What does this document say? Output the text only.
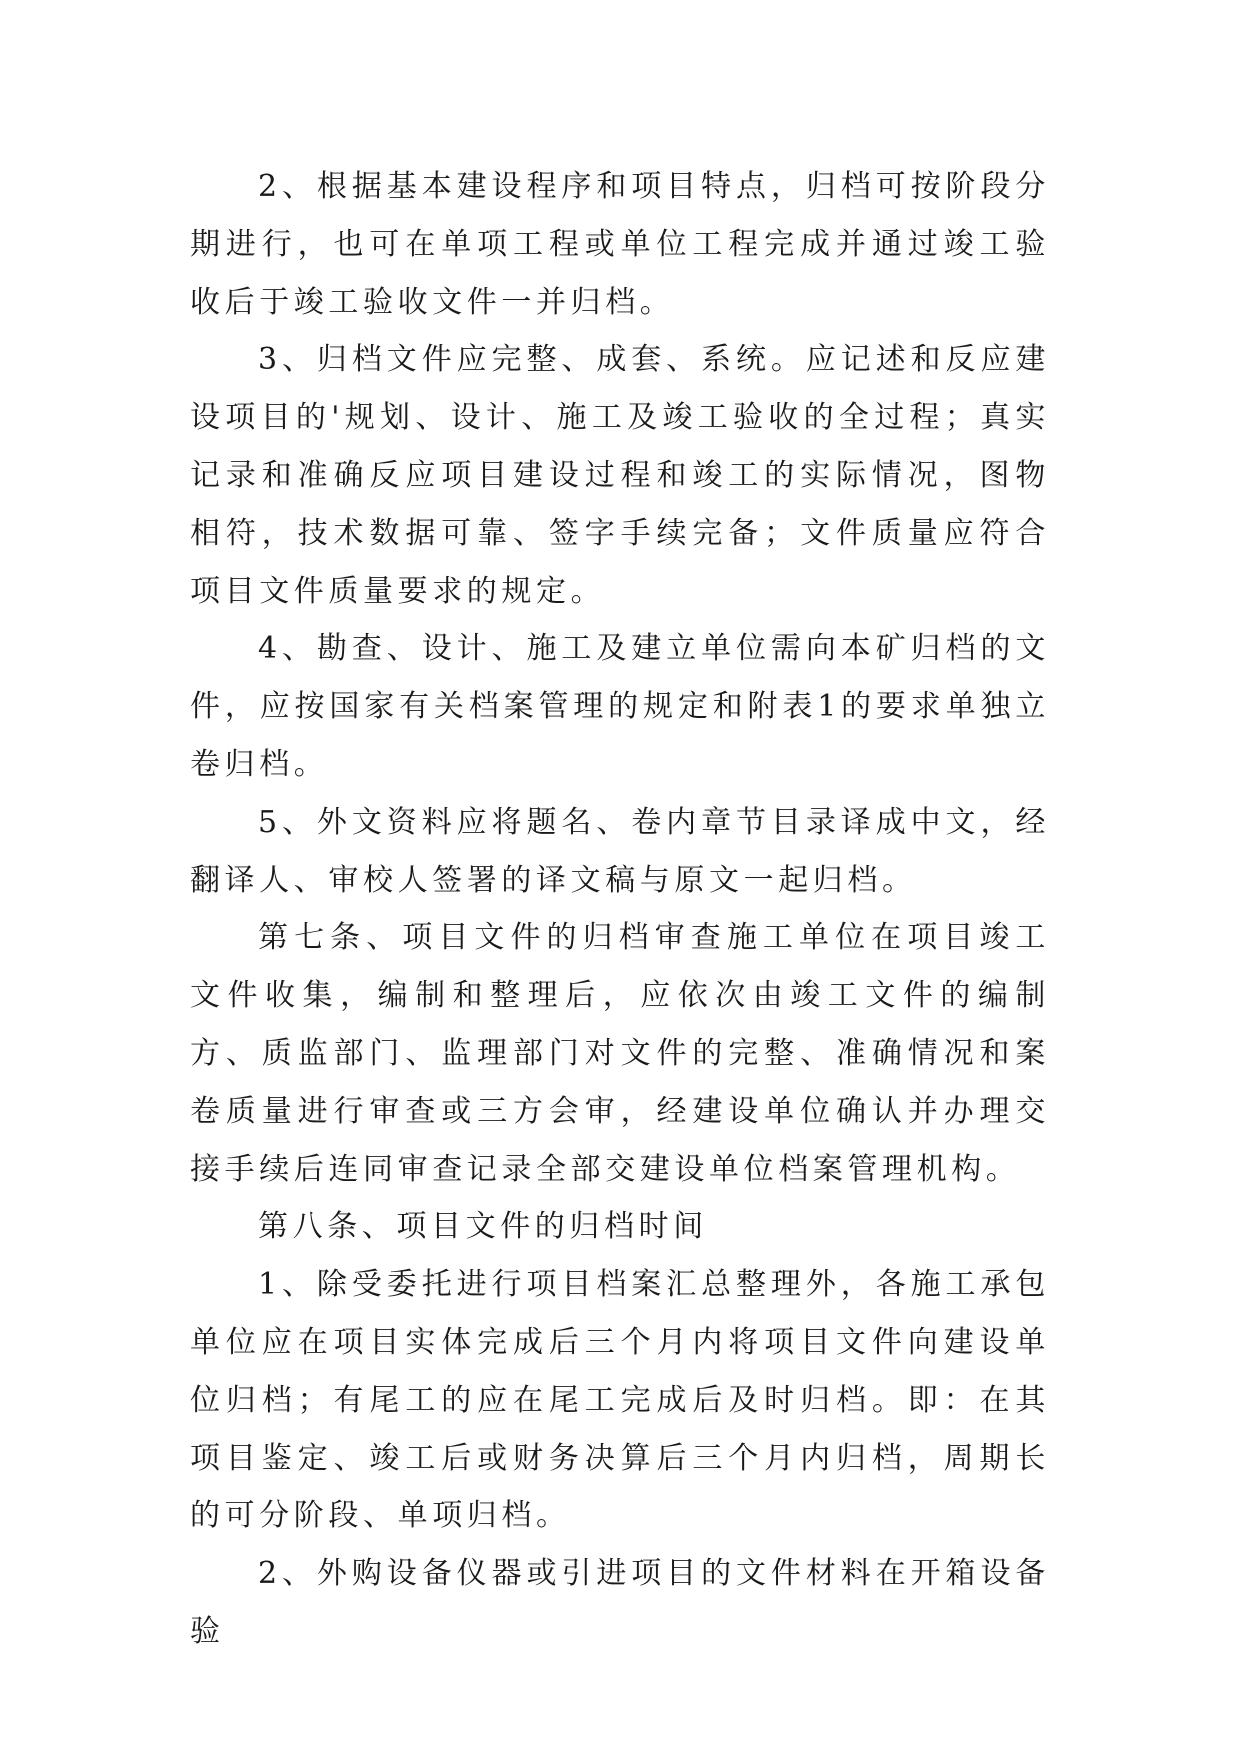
2、根据基本建设程序和项目特点，归档可按阶段分期进行，也可在单项工程或单位工程完成并通过竣工验收后于竣工验收文件一并归档。

3、归档文件应完整、成套、系统。应记述和反应建设项目的'规划、设计、施工及竣工验收的全过程；真实记录和准确反应项目建设过程和竣工的实际情况，图物相符，技术数据可靠、签字手续完备；文件质量应符合项目文件质量要求的规定。

4、勘查、设计、施工及建立单位需向本矿归档的文件，应按国家有关档案管理的规定和附表1的要求单独立卷归档。

5、外文资料应将题名、卷内章节目录译成中文，经翻译人、审校人签署的译文稿与原文一起归档。

第七条、项目文件的归档审查施工单位在项目竣工文件收集，编制和整理后，应依次由竣工文件的编制方、质监部门、监理部门对文件的完整、准确情况和案卷质量进行审查或三方会审，经建设单位确认并办理交接手续后连同审查记录全部交建设单位档案管理机构。

第八条、项目文件的归档时间

1、除受委托进行项目档案汇总整理外，各施工承包单位应在项目实体完成后三个月内将项目文件向建设单位归档；有尾工的应在尾工完成后及时归档。即：在其项目鉴定、竣工后或财务决算后三个月内归档，周期长的可分阶段、单项归档。

2、外购设备仪器或引进项目的文件材料在开箱设备验
